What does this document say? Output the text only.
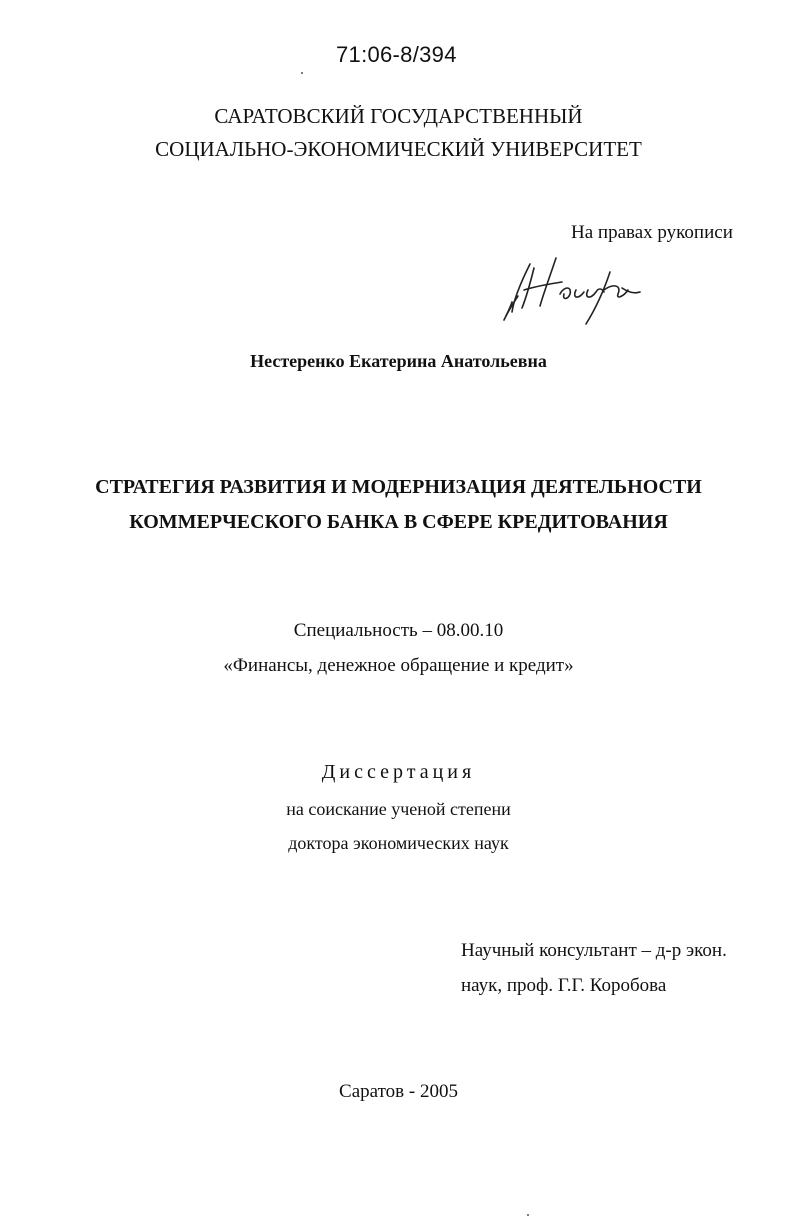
71:06-8/394
САРАТОВСКИЙ ГОСУДАРСТВЕННЫЙ
СОЦИАЛЬНО-ЭКОНОМИЧЕСКИЙ УНИВЕРСИТЕТ
На правах рукописи
Нестеренко Екатерина Анатольевна
СТРАТЕГИЯ РАЗВИТИЯ И МОДЕРНИЗАЦИЯ ДЕЯТЕЛЬНОСТИ
КОММЕРЧЕСКОГО БАНКА В СФЕРЕ КРЕДИТОВАНИЯ
Специальность – 08.00.10
«Финансы, денежное обращение и кредит»
Диссертация
на соискание ученой степени
доктора экономических наук
Научный консультант – д-р экон.
наук, проф. Г.Г. Коробова
Саратов - 2005
